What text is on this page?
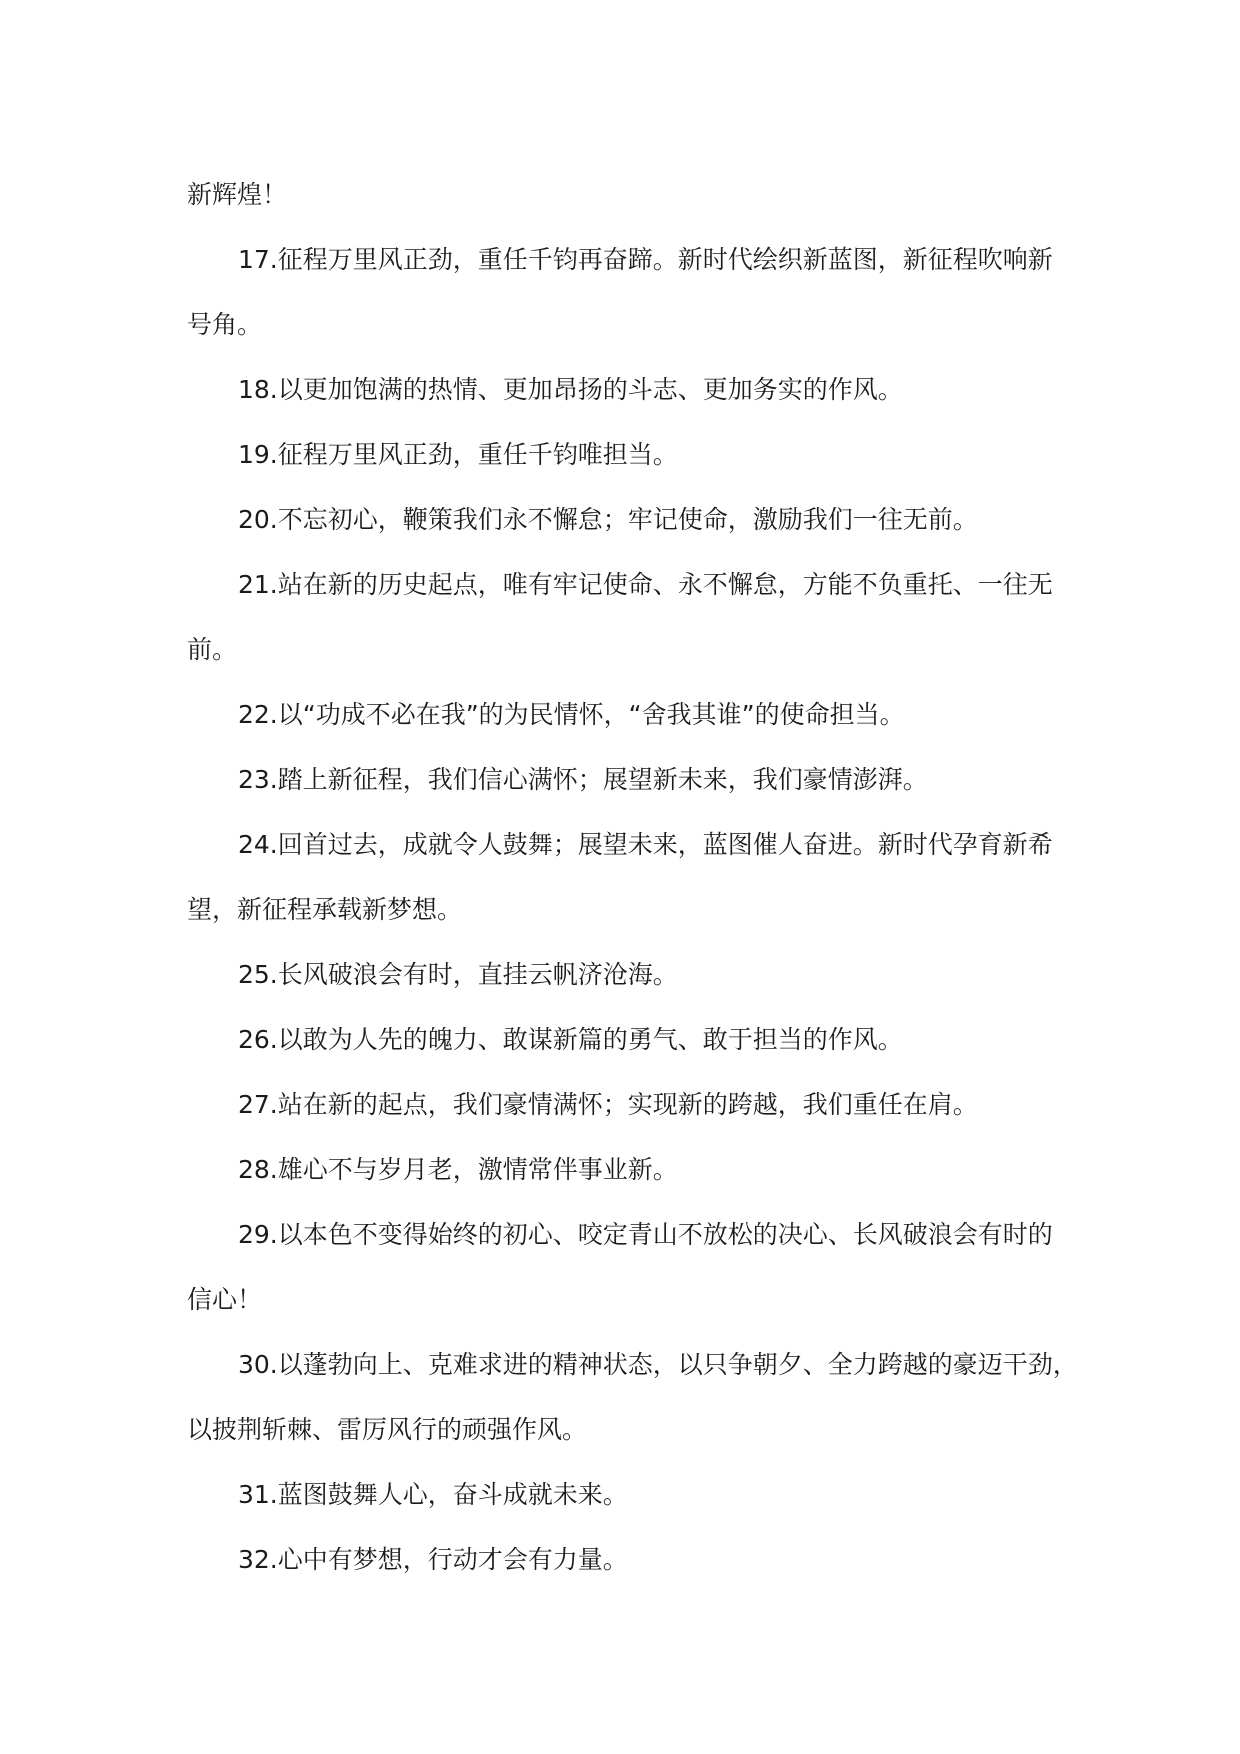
新辉煌！
17.征程万里风正劲，重任千钧再奋蹄。新时代绘织新蓝图，新征程吹响新
号角。
18.以更加饱满的热情、更加昂扬的斗志、更加务实的作风。
19.征程万里风正劲，重任千钧唯担当。
20.不忘初心，鞭策我们永不懈怠；牢记使命，激励我们一往无前。
21.站在新的历史起点，唯有牢记使命、永不懈怠，方能不负重托、一往无
前。
22.以“功成不必在我”的为民情怀，“舍我其谁”的使命担当。
23.踏上新征程，我们信心满怀；展望新未来，我们豪情澎湃。
24.回首过去，成就令人鼓舞；展望未来，蓝图催人奋进。新时代孕育新希
望，新征程承载新梦想。
25.长风破浪会有时，直挂云帆济沧海。
26.以敢为人先的魄力、敢谋新篇的勇气、敢于担当的作风。
27.站在新的起点，我们豪情满怀；实现新的跨越，我们重任在肩。
28.雄心不与岁月老，激情常伴事业新。
29.以本色不变得始终的初心、咬定青山不放松的决心、长风破浪会有时的
信心！
30.以蓬勃向上、克难求进的精神状态，以只争朝夕、全力跨越的豪迈干劲，
以披荆斩棘、雷厉风行的顽强作风。
31.蓝图鼓舞人心，奋斗成就未来。
32.心中有梦想，行动才会有力量。
